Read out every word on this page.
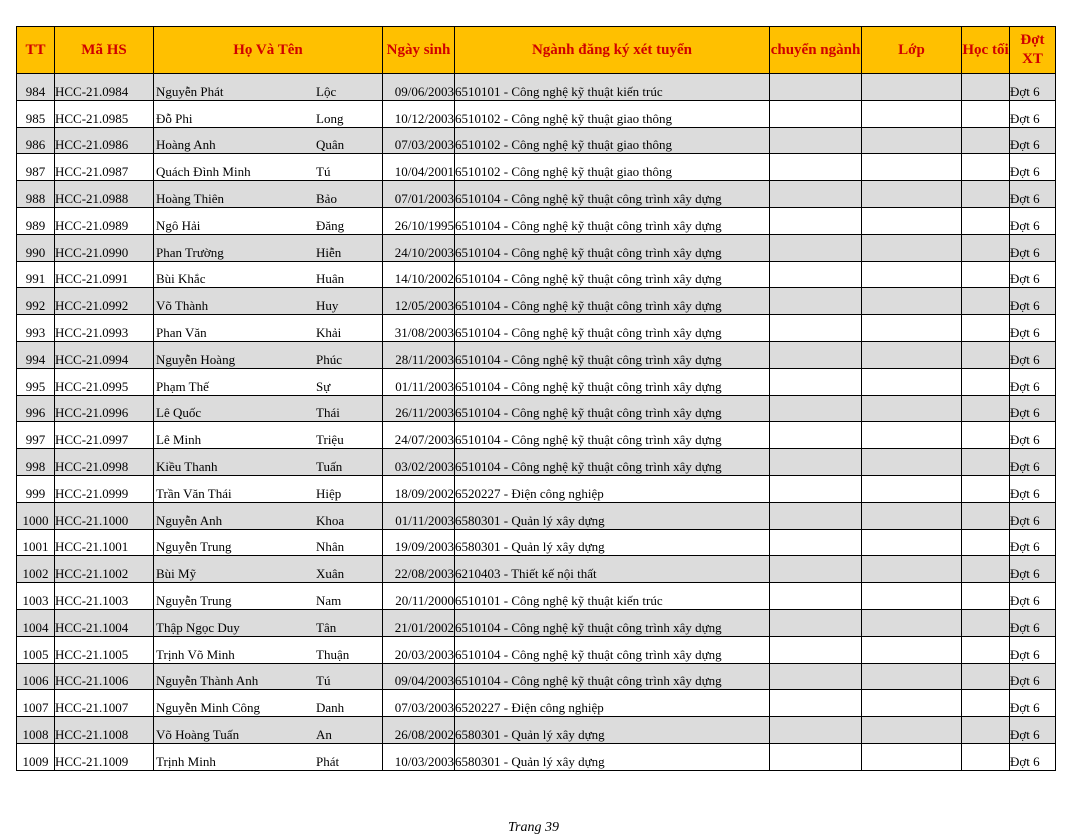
TT	Mã HS	Họ Và Tên	Ngày sinh	Ngành đăng ký xét tuyển	chuyển ngành	Lớp	Học tối	Đợt XT
984	HCC-21.0984	Nguyễn Phát Lộc	09/06/2003	6510101 - Công nghệ kỹ thuật kiến trúc				Đợt 6
985	HCC-21.0985	Đỗ Phi Long	10/12/2003	6510102 - Công nghệ kỹ thuật giao thông				Đợt 6
986	HCC-21.0986	Hoàng Anh Quân	07/03/2003	6510102 - Công nghệ kỹ thuật giao thông				Đợt 6
987	HCC-21.0987	Quách Đình Minh Tú	10/04/2001	6510102 - Công nghệ kỹ thuật giao thông				Đợt 6
988	HCC-21.0988	Hoàng Thiên Bảo	07/01/2003	6510104 - Công nghệ kỹ thuật công trình xây dựng				Đợt 6
989	HCC-21.0989	Ngô Hải Đăng	26/10/1995	6510104 - Công nghệ kỹ thuật công trình xây dựng				Đợt 6
990	HCC-21.0990	Phan Trường Hiễn	24/10/2003	6510104 - Công nghệ kỹ thuật công trình xây dựng				Đợt 6
991	HCC-21.0991	Bùi Khắc Huân	14/10/2002	6510104 - Công nghệ kỹ thuật công trình xây dựng				Đợt 6
992	HCC-21.0992	Võ Thành Huy	12/05/2003	6510104 - Công nghệ kỹ thuật công trình xây dựng				Đợt 6
993	HCC-21.0993	Phan Văn Khải	31/08/2003	6510104 - Công nghệ kỹ thuật công trình xây dựng				Đợt 6
994	HCC-21.0994	Nguyễn Hoàng Phúc	28/11/2003	6510104 - Công nghệ kỹ thuật công trình xây dựng				Đợt 6
995	HCC-21.0995	Phạm Thế Sự	01/11/2003	6510104 - Công nghệ kỹ thuật công trình xây dựng				Đợt 6
996	HCC-21.0996	Lê Quốc Thái	26/11/2003	6510104 - Công nghệ kỹ thuật công trình xây dựng				Đợt 6
997	HCC-21.0997	Lê Minh Triệu	24/07/2003	6510104 - Công nghệ kỹ thuật công trình xây dựng				Đợt 6
998	HCC-21.0998	Kiều Thanh Tuấn	03/02/2003	6510104 - Công nghệ kỹ thuật công trình xây dựng				Đợt 6
999	HCC-21.0999	Trần Văn Thái Hiệp	18/09/2002	6520227 - Điện công nghiệp				Đợt 6
1000	HCC-21.1000	Nguyễn Anh Khoa	01/11/2003	6580301 - Quản lý xây dựng				Đợt 6
1001	HCC-21.1001	Nguyễn Trung Nhân	19/09/2003	6580301 - Quản lý xây dựng				Đợt 6
1002	HCC-21.1002	Bùi Mỹ Xuân	22/08/2003	6210403 - Thiết kế nội thất				Đợt 6
1003	HCC-21.1003	Nguyễn Trung Nam	20/11/2000	6510101 - Công nghệ kỹ thuật kiến trúc				Đợt 6
1004	HCC-21.1004	Thập Ngọc Duy Tân	21/01/2002	6510104 - Công nghệ kỹ thuật công trình xây dựng				Đợt 6
1005	HCC-21.1005	Trịnh Võ Minh Thuận	20/03/2003	6510104 - Công nghệ kỹ thuật công trình xây dựng				Đợt 6
1006	HCC-21.1006	Nguyễn Thành Anh Tú	09/04/2003	6510104 - Công nghệ kỹ thuật công trình xây dựng				Đợt 6
1007	HCC-21.1007	Nguyễn Minh Công Danh	07/03/2003	6520227 - Điện công nghiệp				Đợt 6
1008	HCC-21.1008	Võ Hoàng Tuấn An	26/08/2002	6580301 - Quản lý xây dựng				Đợt 6
1009	HCC-21.1009	Trịnh Minh Phát	10/03/2003	6580301 - Quản lý xây dựng				Đợt 6
Trang 39
